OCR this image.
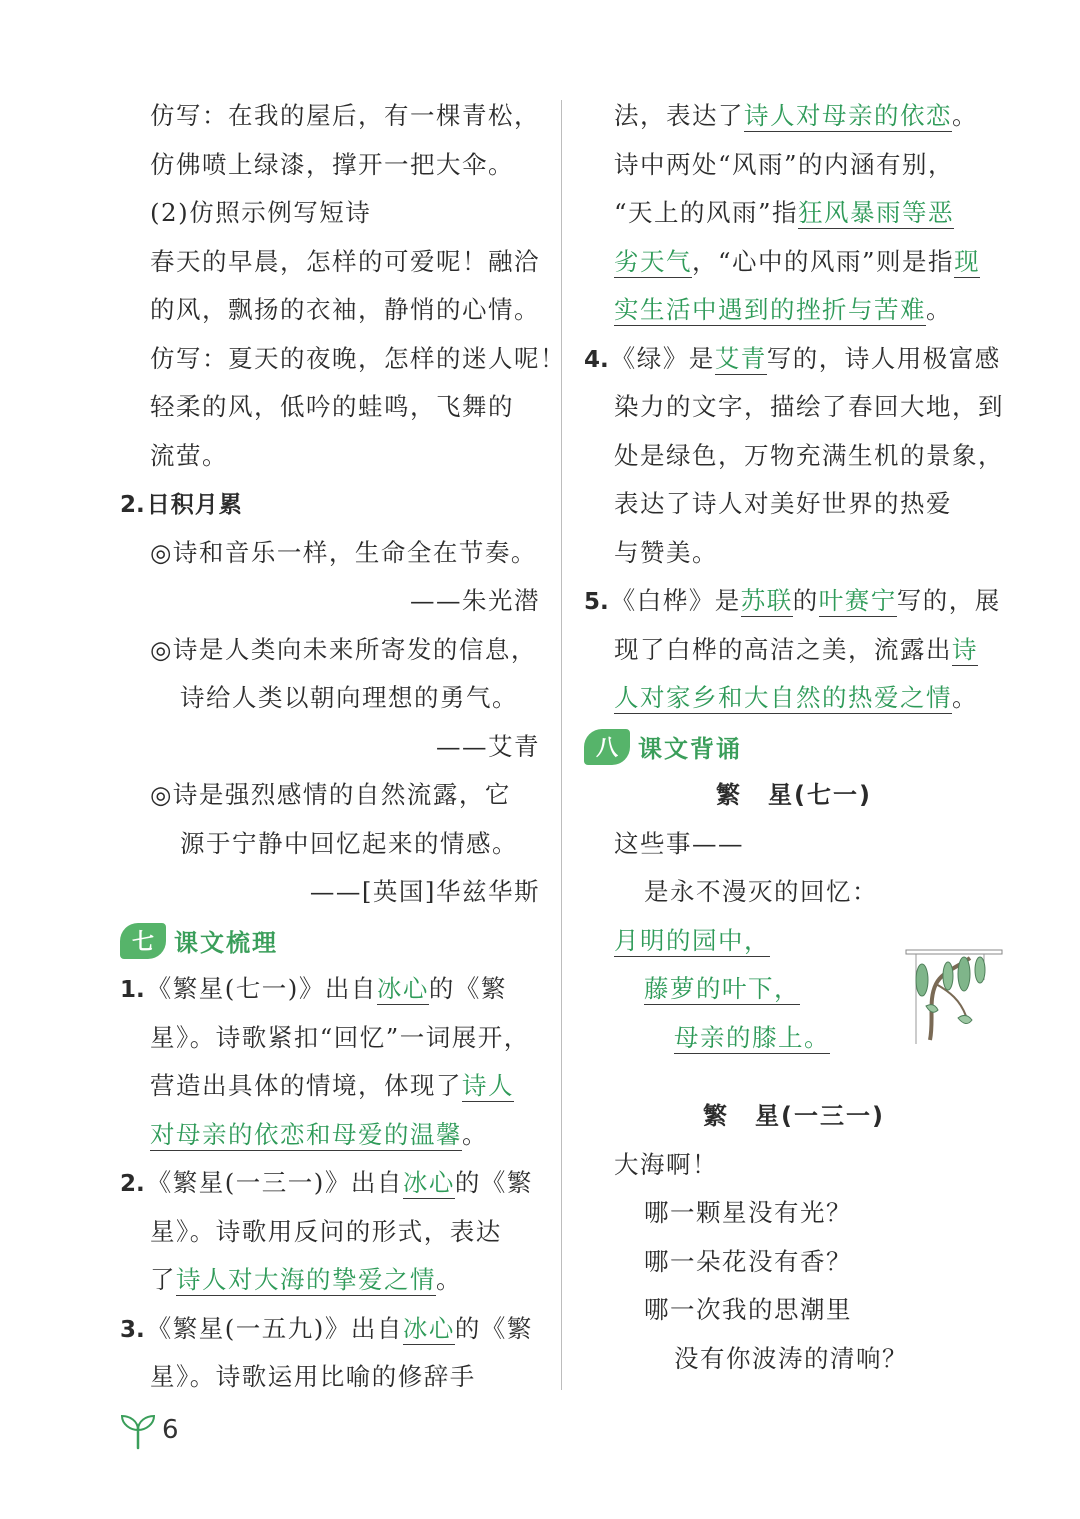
仿写：在我的屋后，有一棵青松，
仿佛喷上绿漆，撑开一把大伞。
(2)仿照示例写短诗
春天的早晨，怎样的可爱呢！融洽
的风，飘扬的衣袖，静悄的心情。
仿写：夏天的夜晚，怎样的迷人呢！
轻柔的风，低吟的蛙鸣，飞舞的
流萤。
2.日积月累
◎诗和音乐一样，生命全在节奏。
——朱光潜
◎诗是人类向未来所寄发的信息，
诗给人类以朝向理想的勇气。
——艾青
◎诗是强烈感情的自然流露，它
源于宁静中回忆起来的情感。
——[英国]华兹华斯
七 课文梳理
1.《繁星(七一)》出自冰心的《繁
星》。诗歌紧扣“回忆”一词展开，
营造出具体的情境，体现了诗人
对母亲的依恋和母爱的温馨。
2.《繁星(一三一)》出自冰心的《繁
星》。诗歌用反问的形式，表达
了诗人对大海的挚爱之情。
3.《繁星(一五九)》出自冰心的《繁
星》。诗歌运用比喻的修辞手
法，表达了诗人对母亲的依恋。
诗中两处“风雨”的内涵有别，
“天上的风雨”指狂风暴雨等恶
劣天气，“心中的风雨”则是指现
实生活中遇到的挫折与苦难。
4.《绿》是艾青写的，诗人用极富感
染力的文字，描绘了春回大地，到
处是绿色，万物充满生机的景象，
表达了诗人对美好世界的热爱
与赞美。
5.《白桦》是苏联的叶赛宁写的，展
现了白桦的高洁之美，流露出诗
人对家乡和大自然的热爱之情。
八 课文背诵
繁　星(七一)
这些事——
是永不漫灭的回忆：
月明的园中，
藤萝的叶下，
母亲的膝上。
繁　星(一三一)
大海啊！
哪一颗星没有光？
哪一朵花没有香？
哪一次我的思潮里
没有你波涛的清响？
6
